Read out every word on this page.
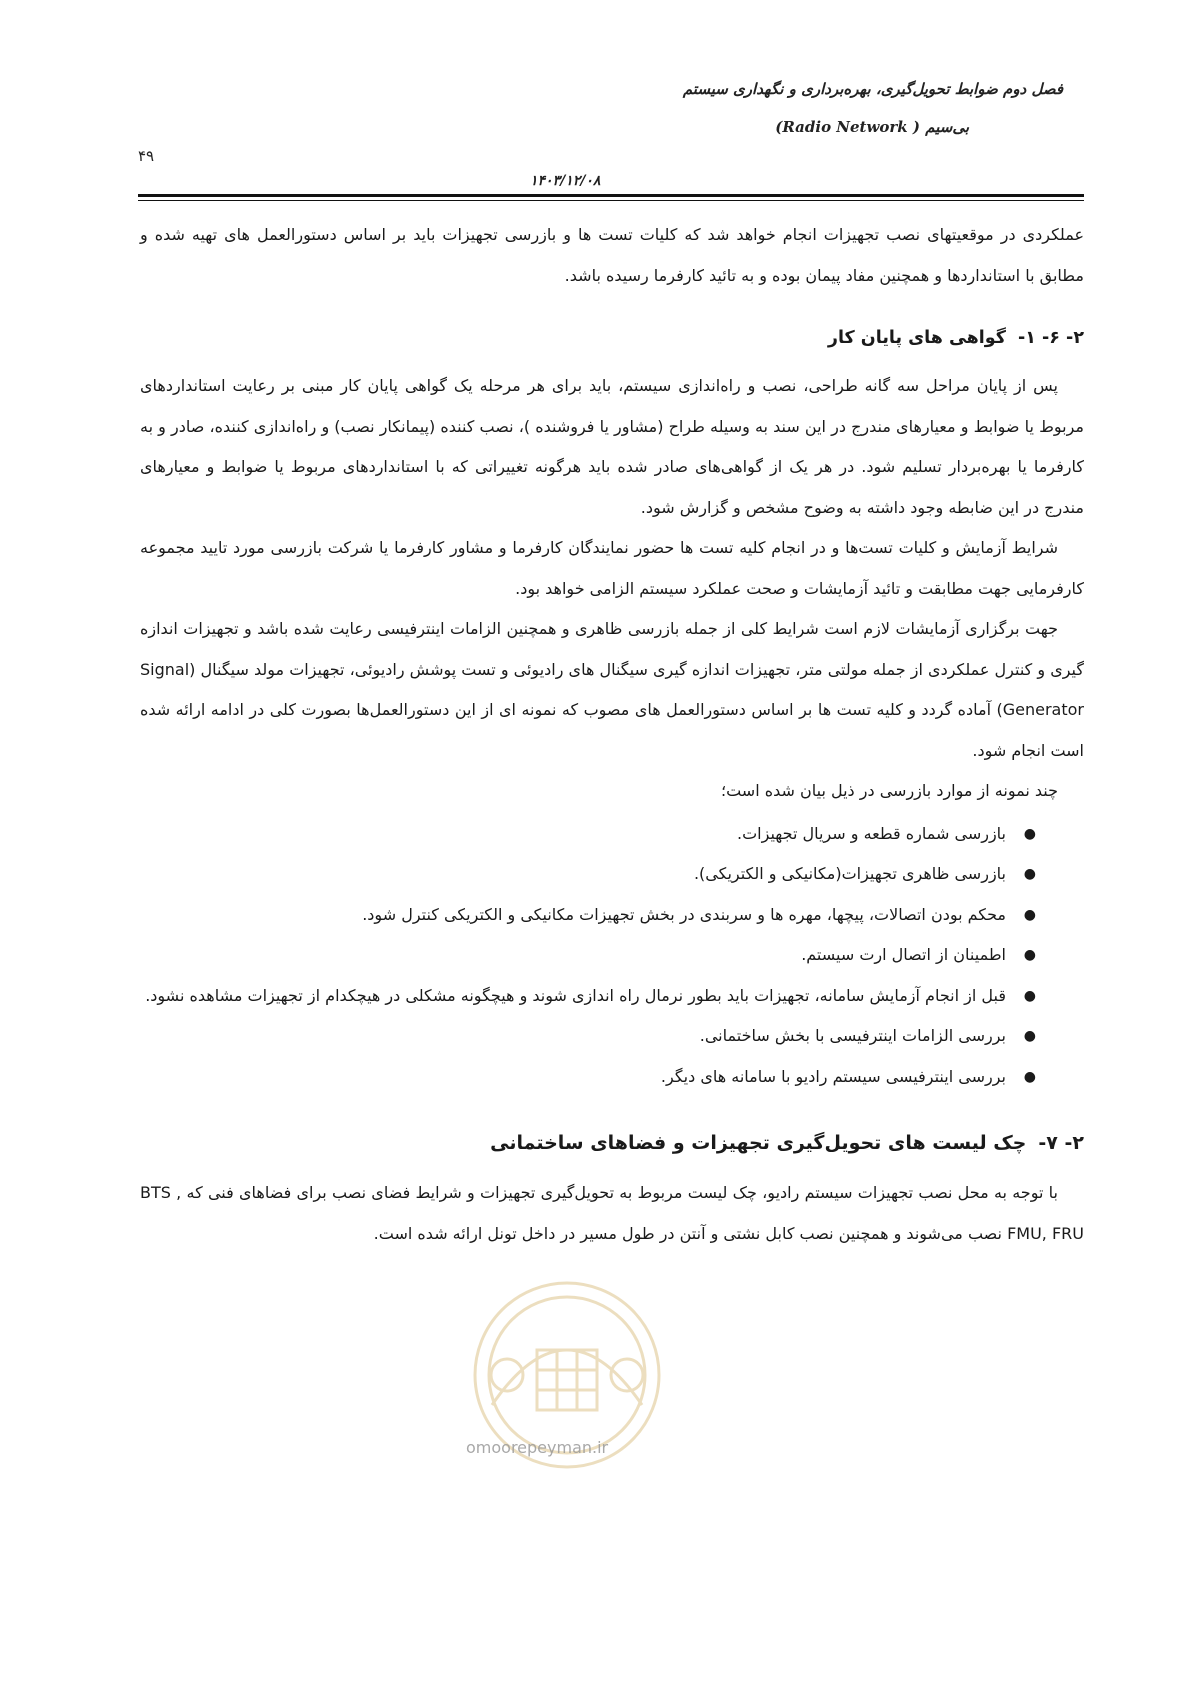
فصل دوم ضوابط تحویل‌گیری، بهره‌برداری و نگهداری سیستم
بی‌سیم ( Radio Network)
۴۹
۱۴۰۳/۱۲/۰۸

عملکردی در موقعیتهای نصب تجهیزات انجام خواهد شد که کلیات تست ها و بازرسی تجهیزات باید بر اساس دستورالعمل های تهیه شده و مطابق با استانداردها و همچنین مفاد پیمان بوده و به تائید کارفرما رسیده باشد.

۲- ۶- ۱-گواهی های پایان کار

پس از پایان مراحل سه گانه طراحی، نصب و راه‌اندازی سیستم، باید برای هر مرحله یک گواهی پایان کار مبنی بر رعایت استانداردهای مربوط یا ضوابط و معیارهای مندرج در این سند به وسیله طراح (مشاور یا فروشنده )، نصب کننده (پیمانکار نصب) و راه‌اندازی کننده، صادر و به کارفرما یا بهره‌بردار تسلیم شود. در هر یک از گواهی‌های صادر شده باید هرگونه تغییراتی که با استانداردهای مربوط یا ضوابط و معیارهای مندرج در این ضابطه وجود داشته به وضوح مشخص و گزارش شود.

شرایط آزمایش و کلیات تست‌ها و در انجام کلیه تست ها حضور نمایندگان کارفرما و مشاور کارفرما یا شرکت بازرسی مورد تایید مجموعه کارفرمایی جهت مطابقت و تائید آزمایشات و صحت عملکرد سیستم الزامی خواهد بود.

جهت برگزاری آزمایشات لازم است شرایط کلی از جمله بازرسی ظاهری و همچنین الزامات اینترفیسی رعایت شده باشد و تجهیزات اندازه گیری و کنترل عملکردی از جمله مولتی متر، تجهیزات اندازه گیری سیگنال های رادیوئی و تست پوشش رادیوئی، تجهیزات مولد سیگنال (Signal Generator) آماده گردد و کلیه تست ها بر اساس دستورالعمل های مصوب که نمونه ای از این دستورالعمل‌ها بصورت کلی در ادامه ارائه شده است انجام شود.

چند نمونه از موارد بازرسی در ذیل بیان شده است؛

●
بازرسی شماره قطعه و سریال تجهیزات.
●
بازرسی ظاهری تجهیزات(مکانیکی و الکتریکی).
●
محکم بودن اتصالات، پیچها، مهره ها و سربندی در بخش تجهیزات مکانیکی و الکتریکی کنترل شود.
●
اطمینان از اتصال ارت سیستم.
●
قبل از انجام آزمایش سامانه، تجهیزات باید بطور نرمال راه اندازی شوند و هیچگونه مشکلی در هیچکدام از تجهیزات مشاهده نشود.
●
بررسی الزامات اینترفیسی با بخش ساختمانی.
●
بررسی اینترفیسی سیستم رادیو با سامانه های دیگر.
۲- ۷-چک لیست های تحویل‌گیری تجهیزات و فضاهای ساختمانی

با توجه به محل نصب تجهیزات سیستم رادیو، چک لیست مربوط به تحویل‌گیری تجهیزات و شرایط فضای نصب برای فضاهای فنی که BTS , FMU, FRU نصب می‌شوند و همچنین نصب کابل نشتی و آنتن در طول مسیر در داخل تونل ارائه شده است.

omoorepeyman.ir
